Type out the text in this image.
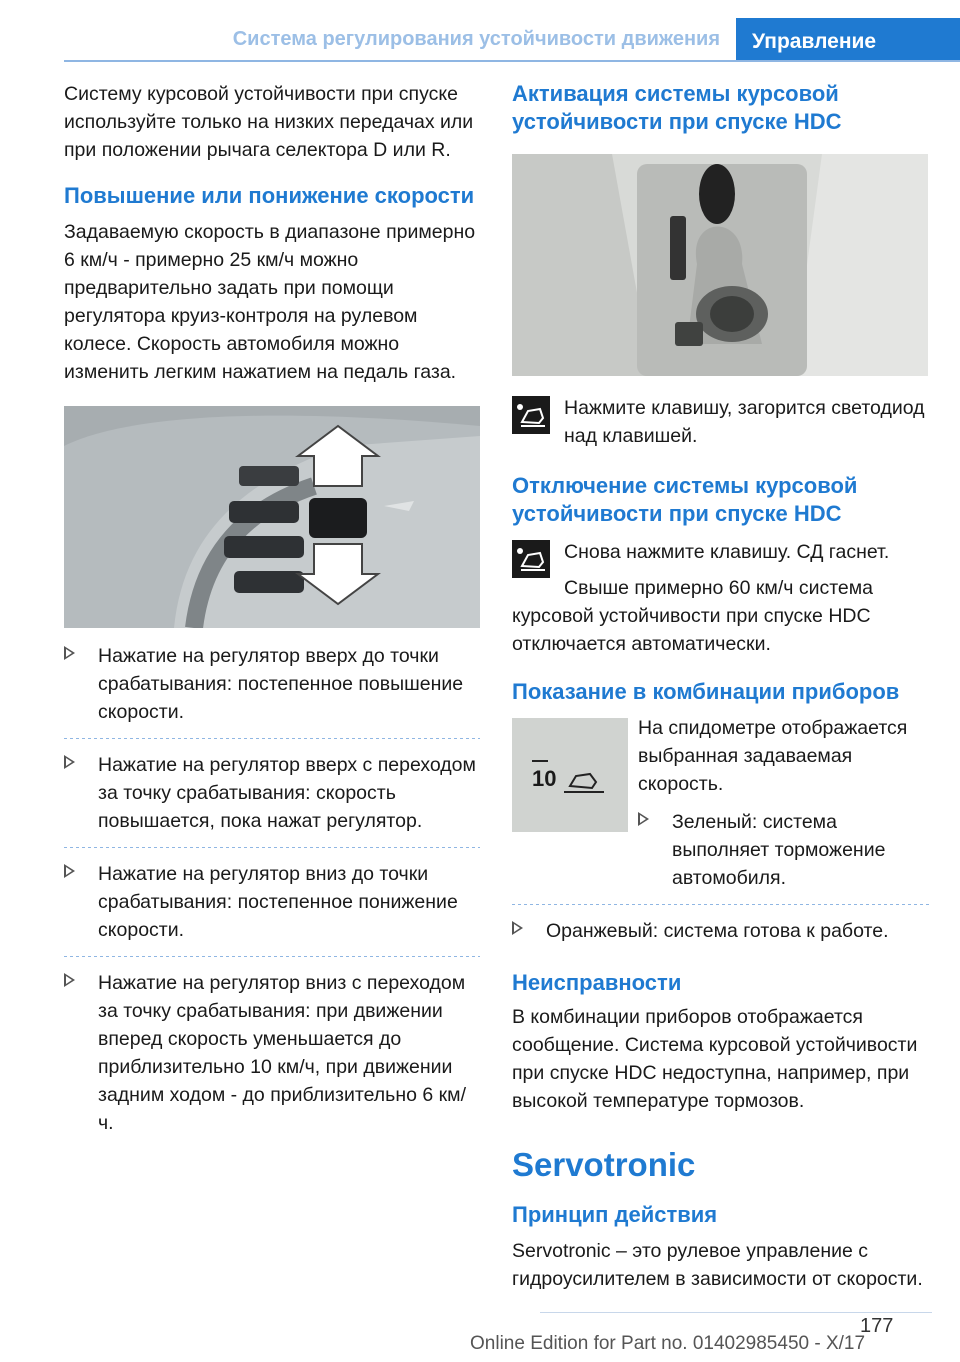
Система регулирования устойчивости движения	Управление

Систему курсовой устойчивости при спуске используйте только на низких передачах или при положении рычага селектора D или R.

Повышение или понижение скорости

Задаваемую скорость в диапазоне примерно 6 км/ч - примерно 25 км/ч можно предварительно задать при помощи регулятора круиз-контроля на рулевом колесе. Скорость автомобиля можно изменить легким нажатием на педаль газа.

Нажатие на регулятор вверх до точки срабатывания: постепенное повышение скорости.

Нажатие на регулятор вверх с переходом за точку срабатывания: скорость повышается, пока нажат регулятор.

Нажатие на регулятор вниз до точки срабатывания: постепенное понижение скорости.

Нажатие на регулятор вниз с переходом за точку срабатывания: при движении вперед скорость уменьшается до приблизительно 10 км/ч, при движении задним ходом - до приблизительно 6 км/ч.

Активация системы курсовой устойчивости при спуске HDC

Нажмите клавишу, загорится светодиод над клавишей.

Отключение системы курсовой устойчивости при спуске HDC

Снова нажмите клавишу. СД гаснет.

Свыше примерно 60 км/ч система курсовой устойчивости при спуске HDC отключается автоматически.

Показание в комбинации приборов
10

На спидометре отображается выбранная задаваемая скорость.

Зеленый: система выполняет торможение автомобиля.

Оранжевый: система готова к работе.

Неисправности

В комбинации приборов отображается сообщение. Система курсовой устойчивости при спуске HDC недоступна, например, при высокой температуре тормозов.

Servotronic
Принцип действия

Servotronic – это рулевое управление с гидроусилителем в зависимости от скорости.

177
Online Edition for Part no. 01402985450 - X/17
